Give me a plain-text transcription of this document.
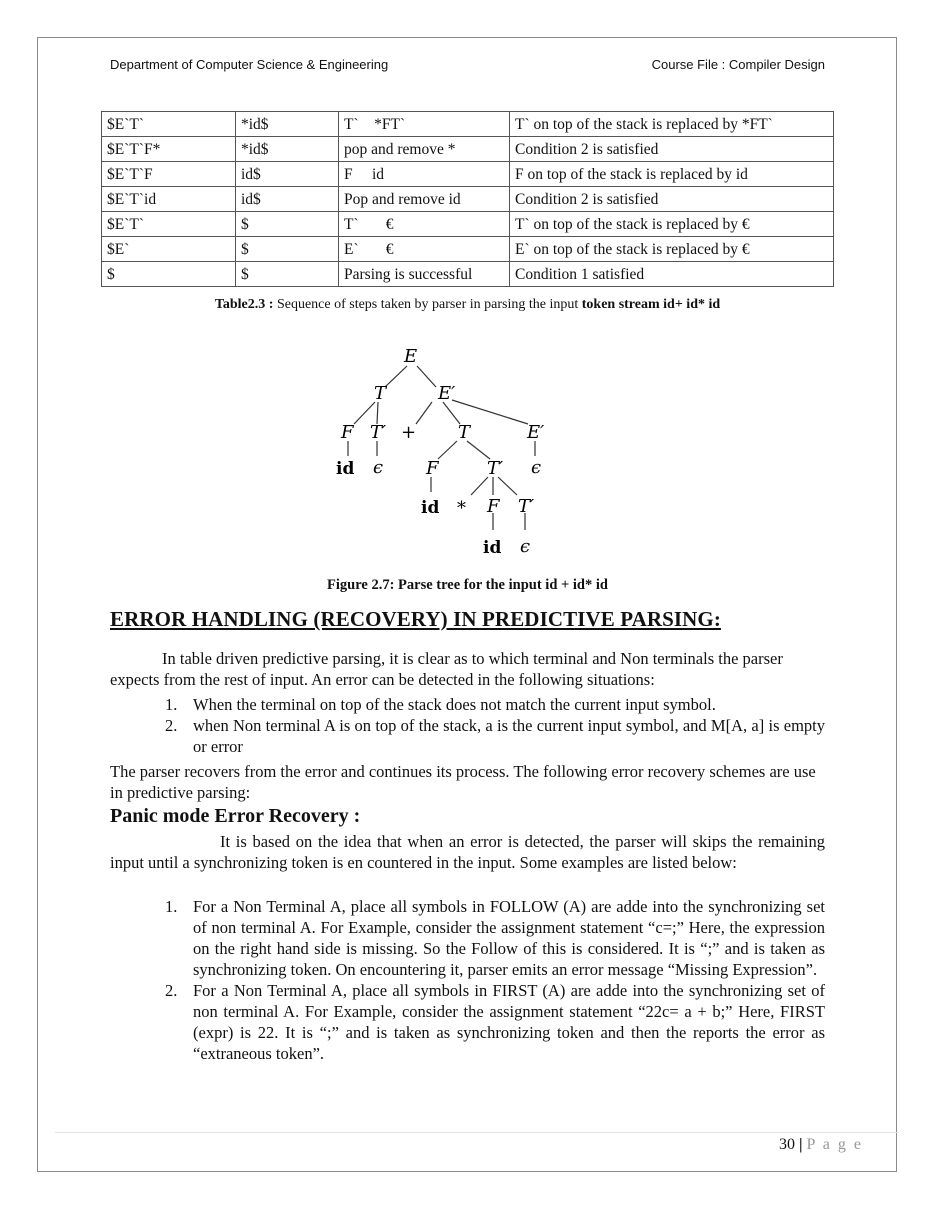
Department of Computer Science & Engineering	Course File : Compiler Design
$E`T`	*id$	T`    *FT`	T` on top of the stack is replaced by *FT`
$E`T`F*	*id$	pop and remove *	Condition 2 is satisfied
$E`T`F	id$	F     id	F on top of the stack is replaced by id
$E`T`id	id$	Pop and remove id	Condition 2 is satisfied
$E`T`	$	T`       €	T` on top of the stack is replaced by €
$E`	$	E`       €	E` on top of the stack is replaced by €
$	$	Parsing is successful	Condition 1 satisfied
Table2.3 : Sequence of steps taken by parser in parsing the input token stream id+ id* id
E
T	E′
F T′ + T	E′
id ϵ F	T′ ϵ
id * F T′
id ϵ
Figure 2.7: Parse tree for the input id + id* id
ERROR HANDLING (RECOVERY) IN PREDICTIVE PARSING:
In table driven predictive parsing, it is clear as to which terminal and Non terminals the parser expects from the rest of input. An error can be detected in the following situations:
1. When the terminal on top of the stack does not match the current input symbol.
2. when Non terminal A is on top of the stack, a is the current input symbol, and M[A, a] is empty or error
The parser recovers from the error and continues its process. The following error recovery schemes are use in predictive parsing:
Panic mode Error Recovery :
It is based on the idea that when an error is detected, the parser will skips the remaining input until a synchronizing token is en countered in the input. Some examples are listed below:
1. For a Non Terminal A, place all symbols in FOLLOW (A) are adde into the synchronizing set of non terminal A. For Example, consider the assignment statement “c=;” Here, the expression on the right hand side is missing. So the Follow of this is considered. It is “;” and is taken as synchronizing token. On encountering it, parser emits an error message “Missing Expression”.
2. For a Non Terminal A, place all symbols in FIRST (A) are adde into the synchronizing set of non terminal A. For Example, consider the assignment statement “22c= a + b;” Here, FIRST (expr) is 22. It is “;” and is taken as synchronizing token and then the reports the error as “extraneous token”.
30 | P a g e
